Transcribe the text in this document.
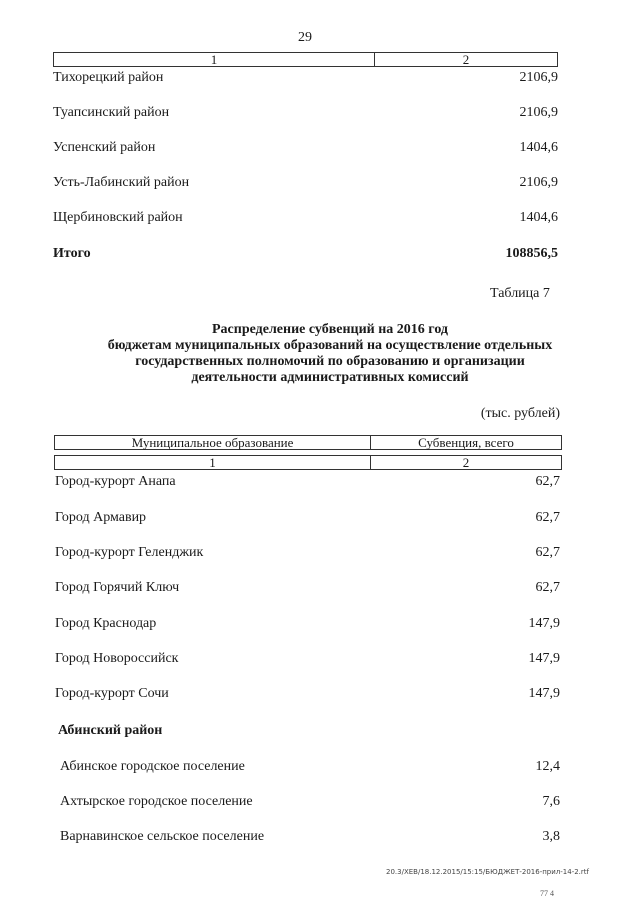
29
1	2
Тихорецкий район	2106,9
Туапсинский район	2106,9
Успенский район	1404,6
Усть-Лабинский район	2106,9
Щербиновский район	1404,6
Итого	108856,5
Таблица 7
Распределение субвенций на 2016 год
бюджетам муниципальных образований на осуществление отдельных
государственных полномочий по образованию и организации
деятельности административных комиссий
(тыс. рублей)
Муниципальное образование	Субвенция, всего
1	2
Город-курорт Анапа	62,7
Город Армавир	62,7
Город-курорт Геленджик	62,7
Город Горячий Ключ	62,7
Город Краснодар	147,9
Город Новороссийск	147,9
Город-курорт Сочи	147,9
Абинский район
Абинское городское поселение	12,4
Ахтырское городское поселение	7,6
Варнавинское сельское поселение	3,8
20.3/ХЕВ/18.12.2015/15:15/БЮДЖЕТ-2016-прил-14-2.rtf
77 4
